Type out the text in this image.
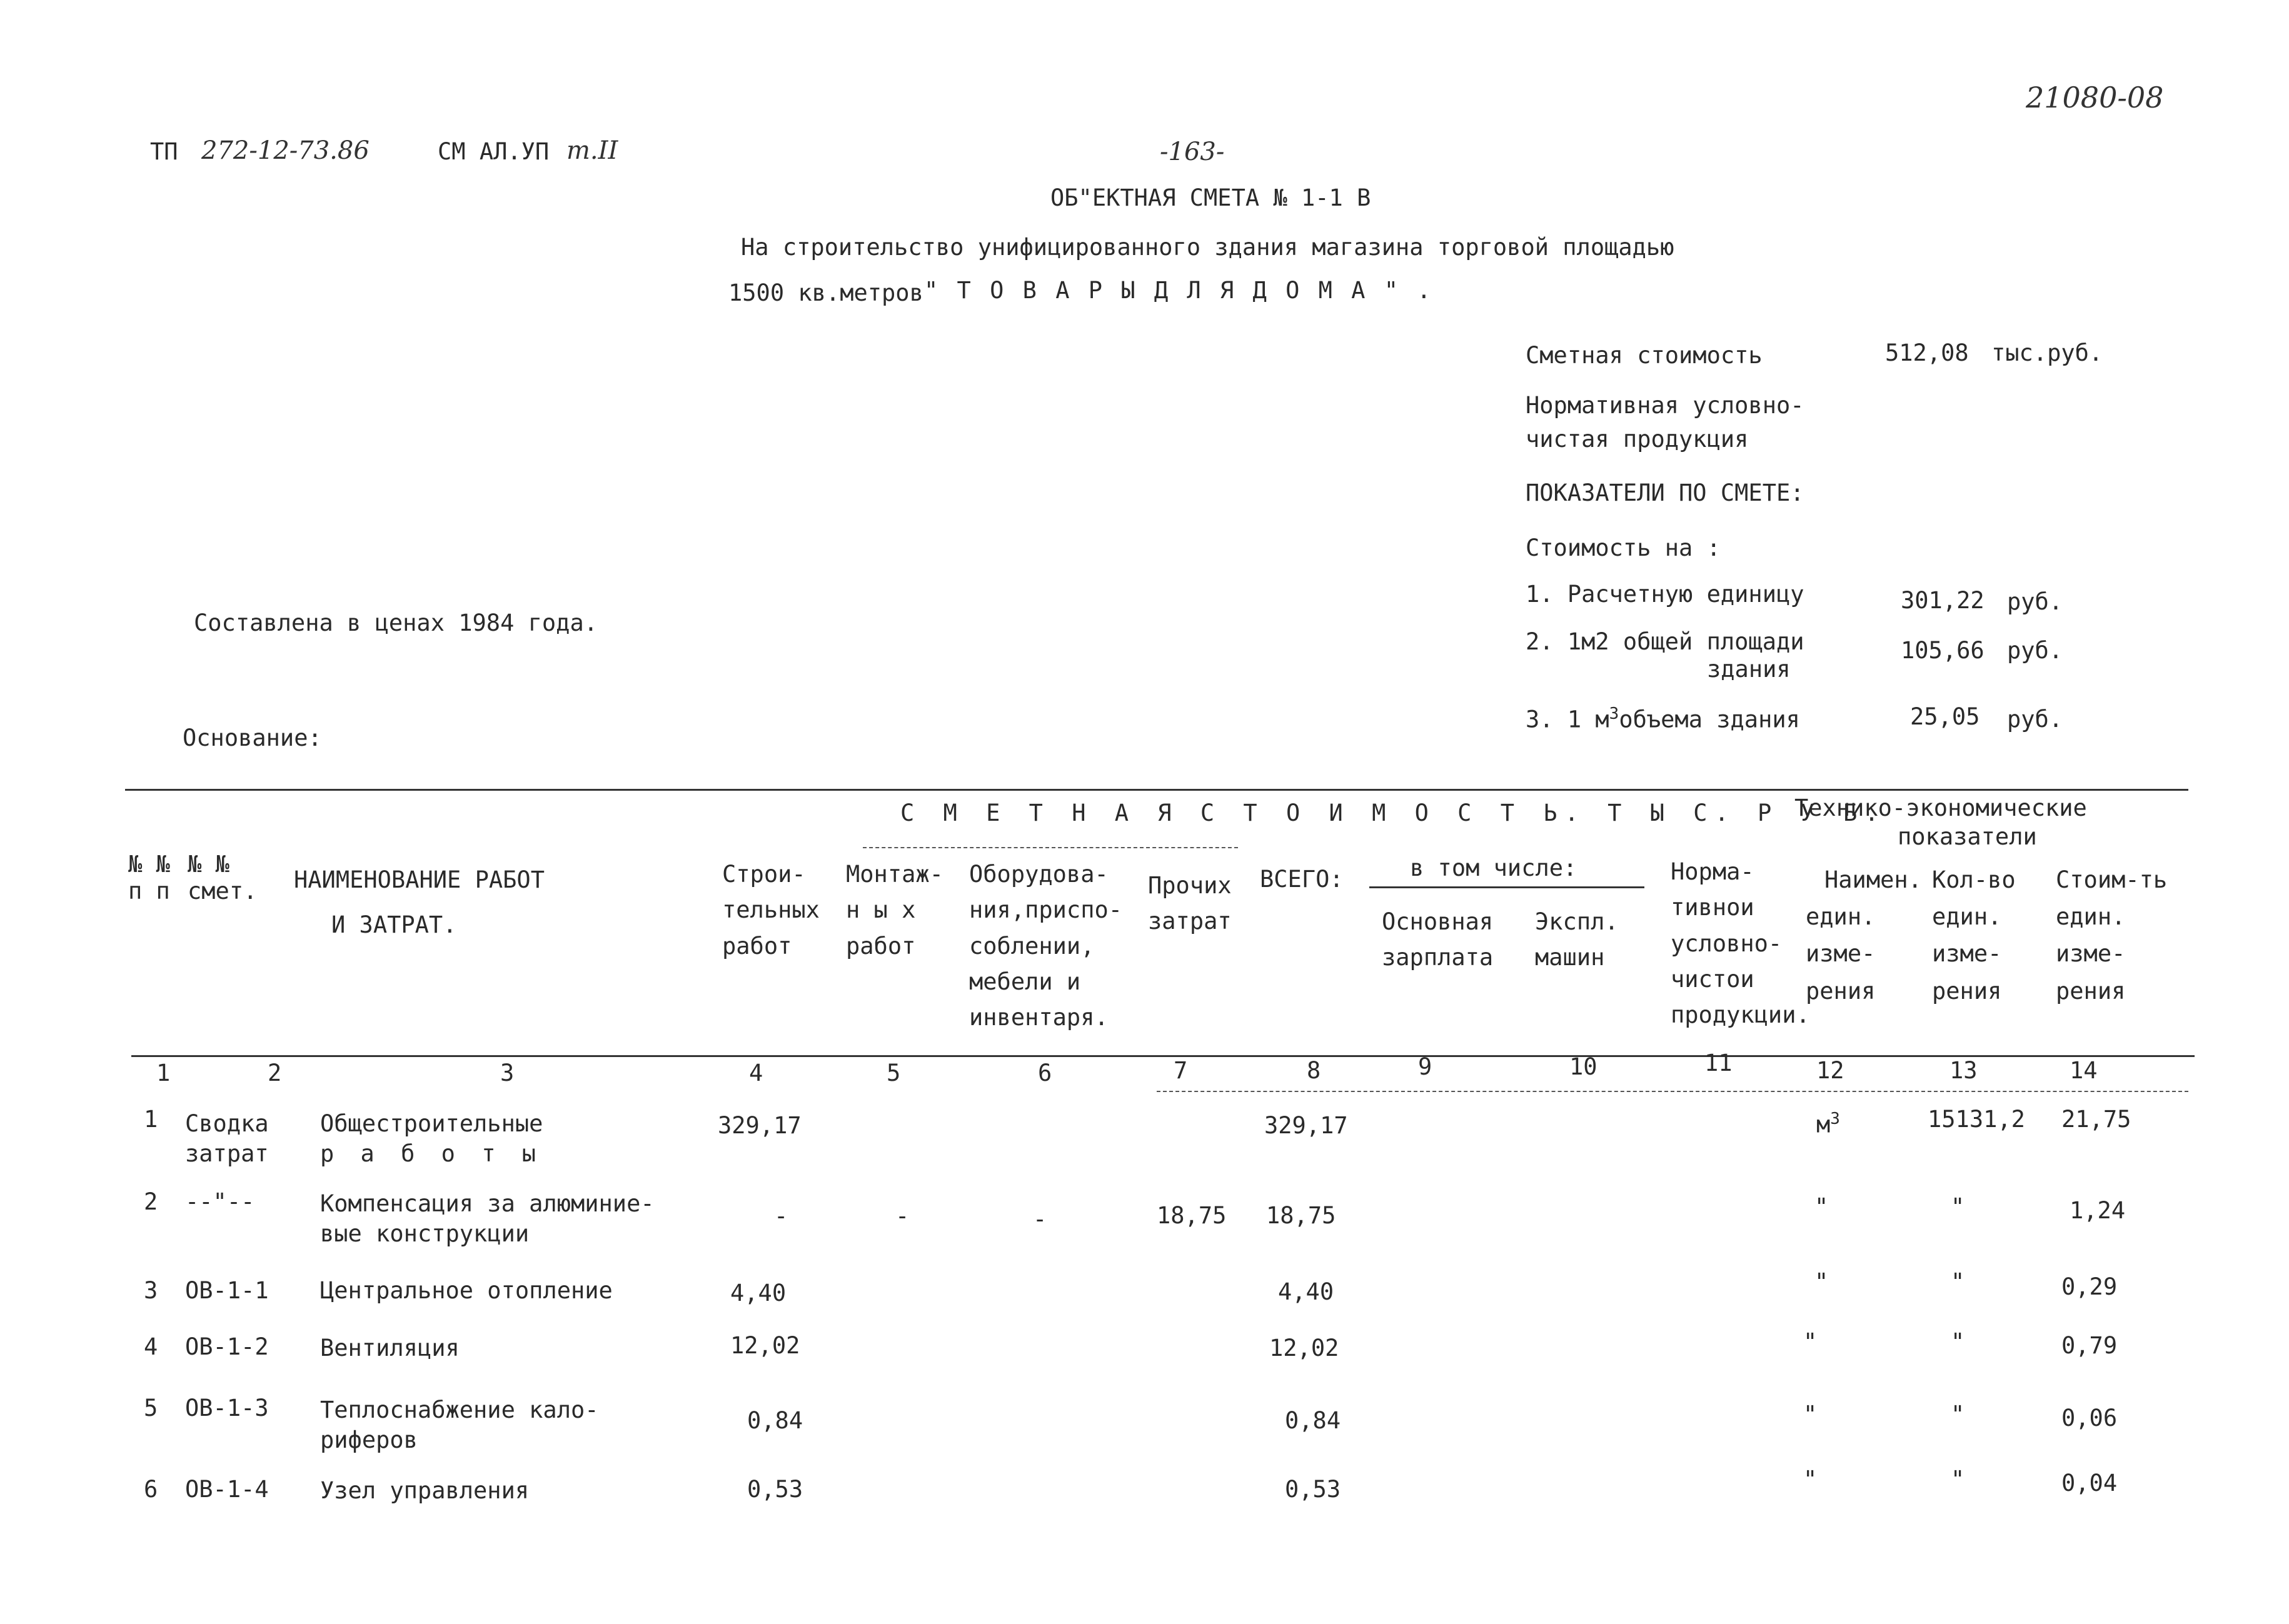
21080-08
ТП 272-12-73.86	СМ АЛ.УП т.II	-163-
ОБ"ЕКТНАЯ СМЕТА № 1-1 В
На строительство унифицированного здания магазина торговой площадью
1500 кв.метров " Т О В А Р Ы Д Л Я Д О М А " .
Сметная стоимость	512,08 тыс.руб.
Нормативная условно-
чистая продукция
ПОКАЗАТЕЛИ ПО СМЕТЕ:
Стоимость на :
1. Расчетную единицу	301,22 руб.
2. 1м2 общей площади
здания
105,66 руб.
3. 1 $м^3объема$ здания	25,05 руб.
Составлена в ценах 1984 года.
Основание:
С М Е Т Н А Я С Т О И М О С Т Ь. Т Ы С. Р У Б.
Технико-экономические
показатели
в том числе:
№ №
п п
№ №
смет. НАИМЕНОВАНИЕ РАБОТ
И ЗАТРАТ.
Строи-
тельных
работ
Монтаж-
н ы х
работ
Оборудова-
ния,приспо-
соблении,
мебели и
инвентаря.
Прочих
затрат
ВСЕГО:
Основная
зарплата
Экспл.
машин
Норма-
тивнои
условно-
чистои
продукции.
Наимен.
един.
изме-
рения
Кол-во
един.
изме-
рения
Стоим-ть
един.
изме-
рения
1	2	3	4	5	6	7	8	9	10	11	12	13	14
1 Сводка
затрат
Общестроительные
р а б о т ы
329,17	329,17	$м^3$	15131,2 21,75
2 --"--	Компенсация за алюминие-
вые конструкции
-	-	-	18,75 18,75	"	"	1,24
3 ОВ-1-1 Центральное отопление	4,40	4,40	"	"	0,29
4 ОВ-1-2 Вентиляция	12,02	12,02	"	"	0,79
5 ОВ-1-3 Теплоснабжение кало-
риферов
0,84	0,84	"	"	0,06
6 ОВ-1-4 Узел управления	0,53	0,53	"	"	0,04
